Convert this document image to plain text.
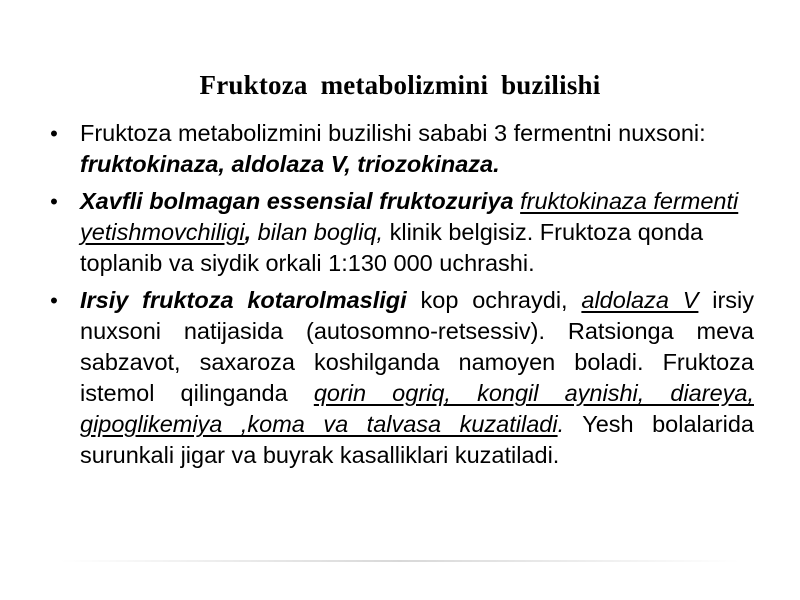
Fruktoza metabolizmini buzilishi
• Fruktoza metabolizmini buzilishi sababi 3 fermentni nuxsoni: fruktokinaza, aldolaza V, triozokinaza.
• Xavfli bolmagan essensial fruktozuriya fruktokinaza fermenti yetishmovchiligi, bilan bogliq, klinik belgisiz. Fruktoza qonda toplanib va siydik orkali 1:130 000 uchrashi.
• Irsiy fruktoza kotarolmasligi kop ochraydi, aldolaza V irsiy nuxsoni natijasida (autosomno-retsessiv). Ratsionga meva sabzavot, saxaroza koshilganda namoyen boladi. Fruktoza istemol qilinganda qorin ogriq, kongil aynishi, diareya, gipoglikemiya ,koma va talvasa kuzatiladi. Yesh bolalarida surunkali jigar va buyrak kasalliklari kuzatiladi.
